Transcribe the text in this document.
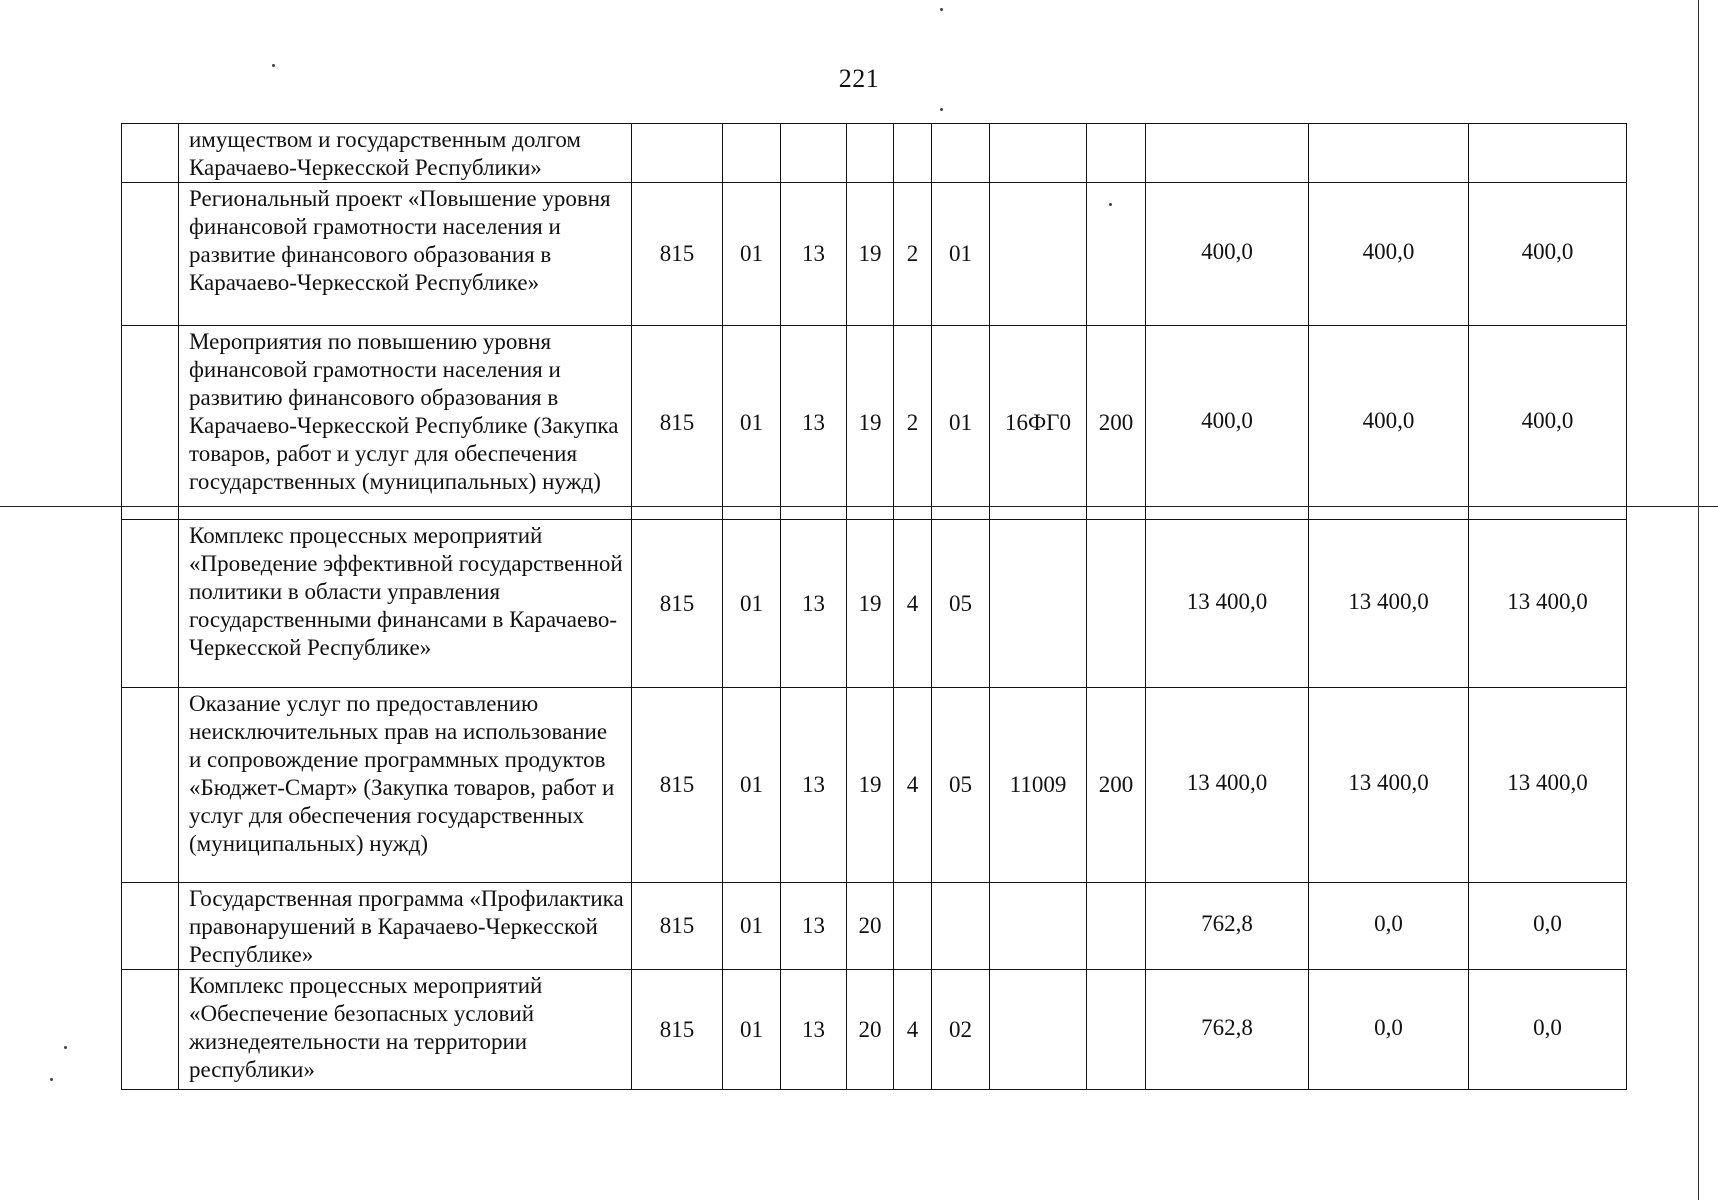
221
	имуществом и государственным долгом Карачаево-Черкесской Республики»											
	Региональный проект «Повышение уровня финансовой грамотности населения и развитие финансового образования в Карачаево-Черкесской Республике»	815	01	13	19	2	01			400,0	400,0	400,0
	Мероприятия по повышению уровня финансовой грамотности населения и развитию финансового образования в Карачаево-Черкесской Республике (Закупка товаров, работ и услуг для обеспечения государственных (муниципальных) нужд)	815	01	13	19	2	01	16ФГ0	200	400,0	400,0	400,0
	Комплекс процессных мероприятий «Проведение эффективной государственной политики в области управления государственными финансами в Карачаево-Черкесской Республике»	815	01	13	19	4	05			13 400,0	13 400,0	13 400,0
	Оказание услуг по предоставлению неисключительных прав на использование и сопровождение программных продуктов «Бюджет-Смарт» (Закупка товаров, работ и услуг для обеспечения государственных (муниципальных) нужд)	815	01	13	19	4	05	11009	200	13 400,0	13 400,0	13 400,0
	Государственная программа «Профилактика правонарушений в Карачаево-Черкесской Республике»	815	01	13	20					762,8	0,0	0,0
	Комплекс процессных мероприятий «Обеспечение безопасных условий жизнедеятельности на территории республики»	815	01	13	20	4	02			762,8	0,0	0,0
